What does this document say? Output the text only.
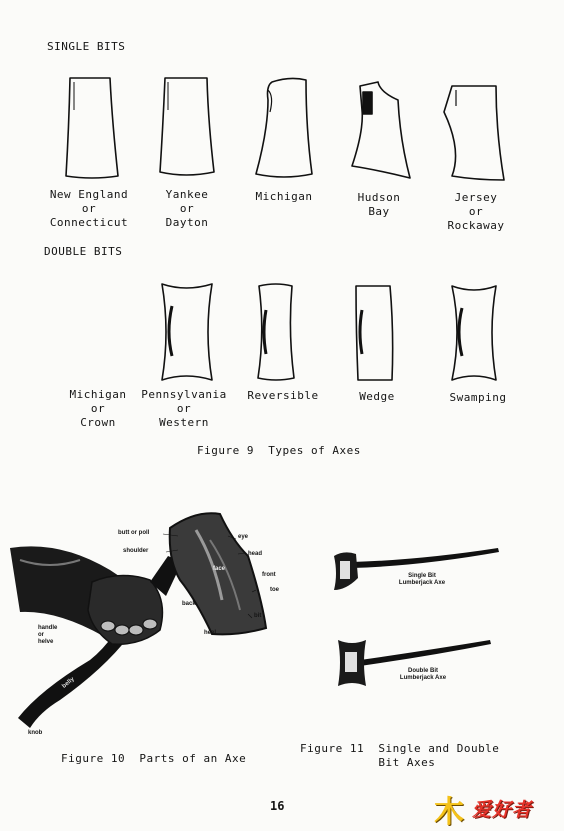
SINGLE BITS
New England
or
Connecticut
Yankee
or
Dayton
Michigan	Hudson
Bay
Jersey
or
Rockaway
DOUBLE BITS
Michigan
or
Crown
Pennsylvania
or
Western
Reversible	Wedge	Swamping
Figure 9  Types of Axes
butt or poll
shoulder
eye
head
face
front
toe
back
bit
heel
handle
or
helve
belly
knob
Figure 10  Parts of an Axe
Single Bit
Lumberjack Axe
Double Bit
Lumberjack Axe
Figure 11  Single and Double
Bit Axes
16	木 爱好者
